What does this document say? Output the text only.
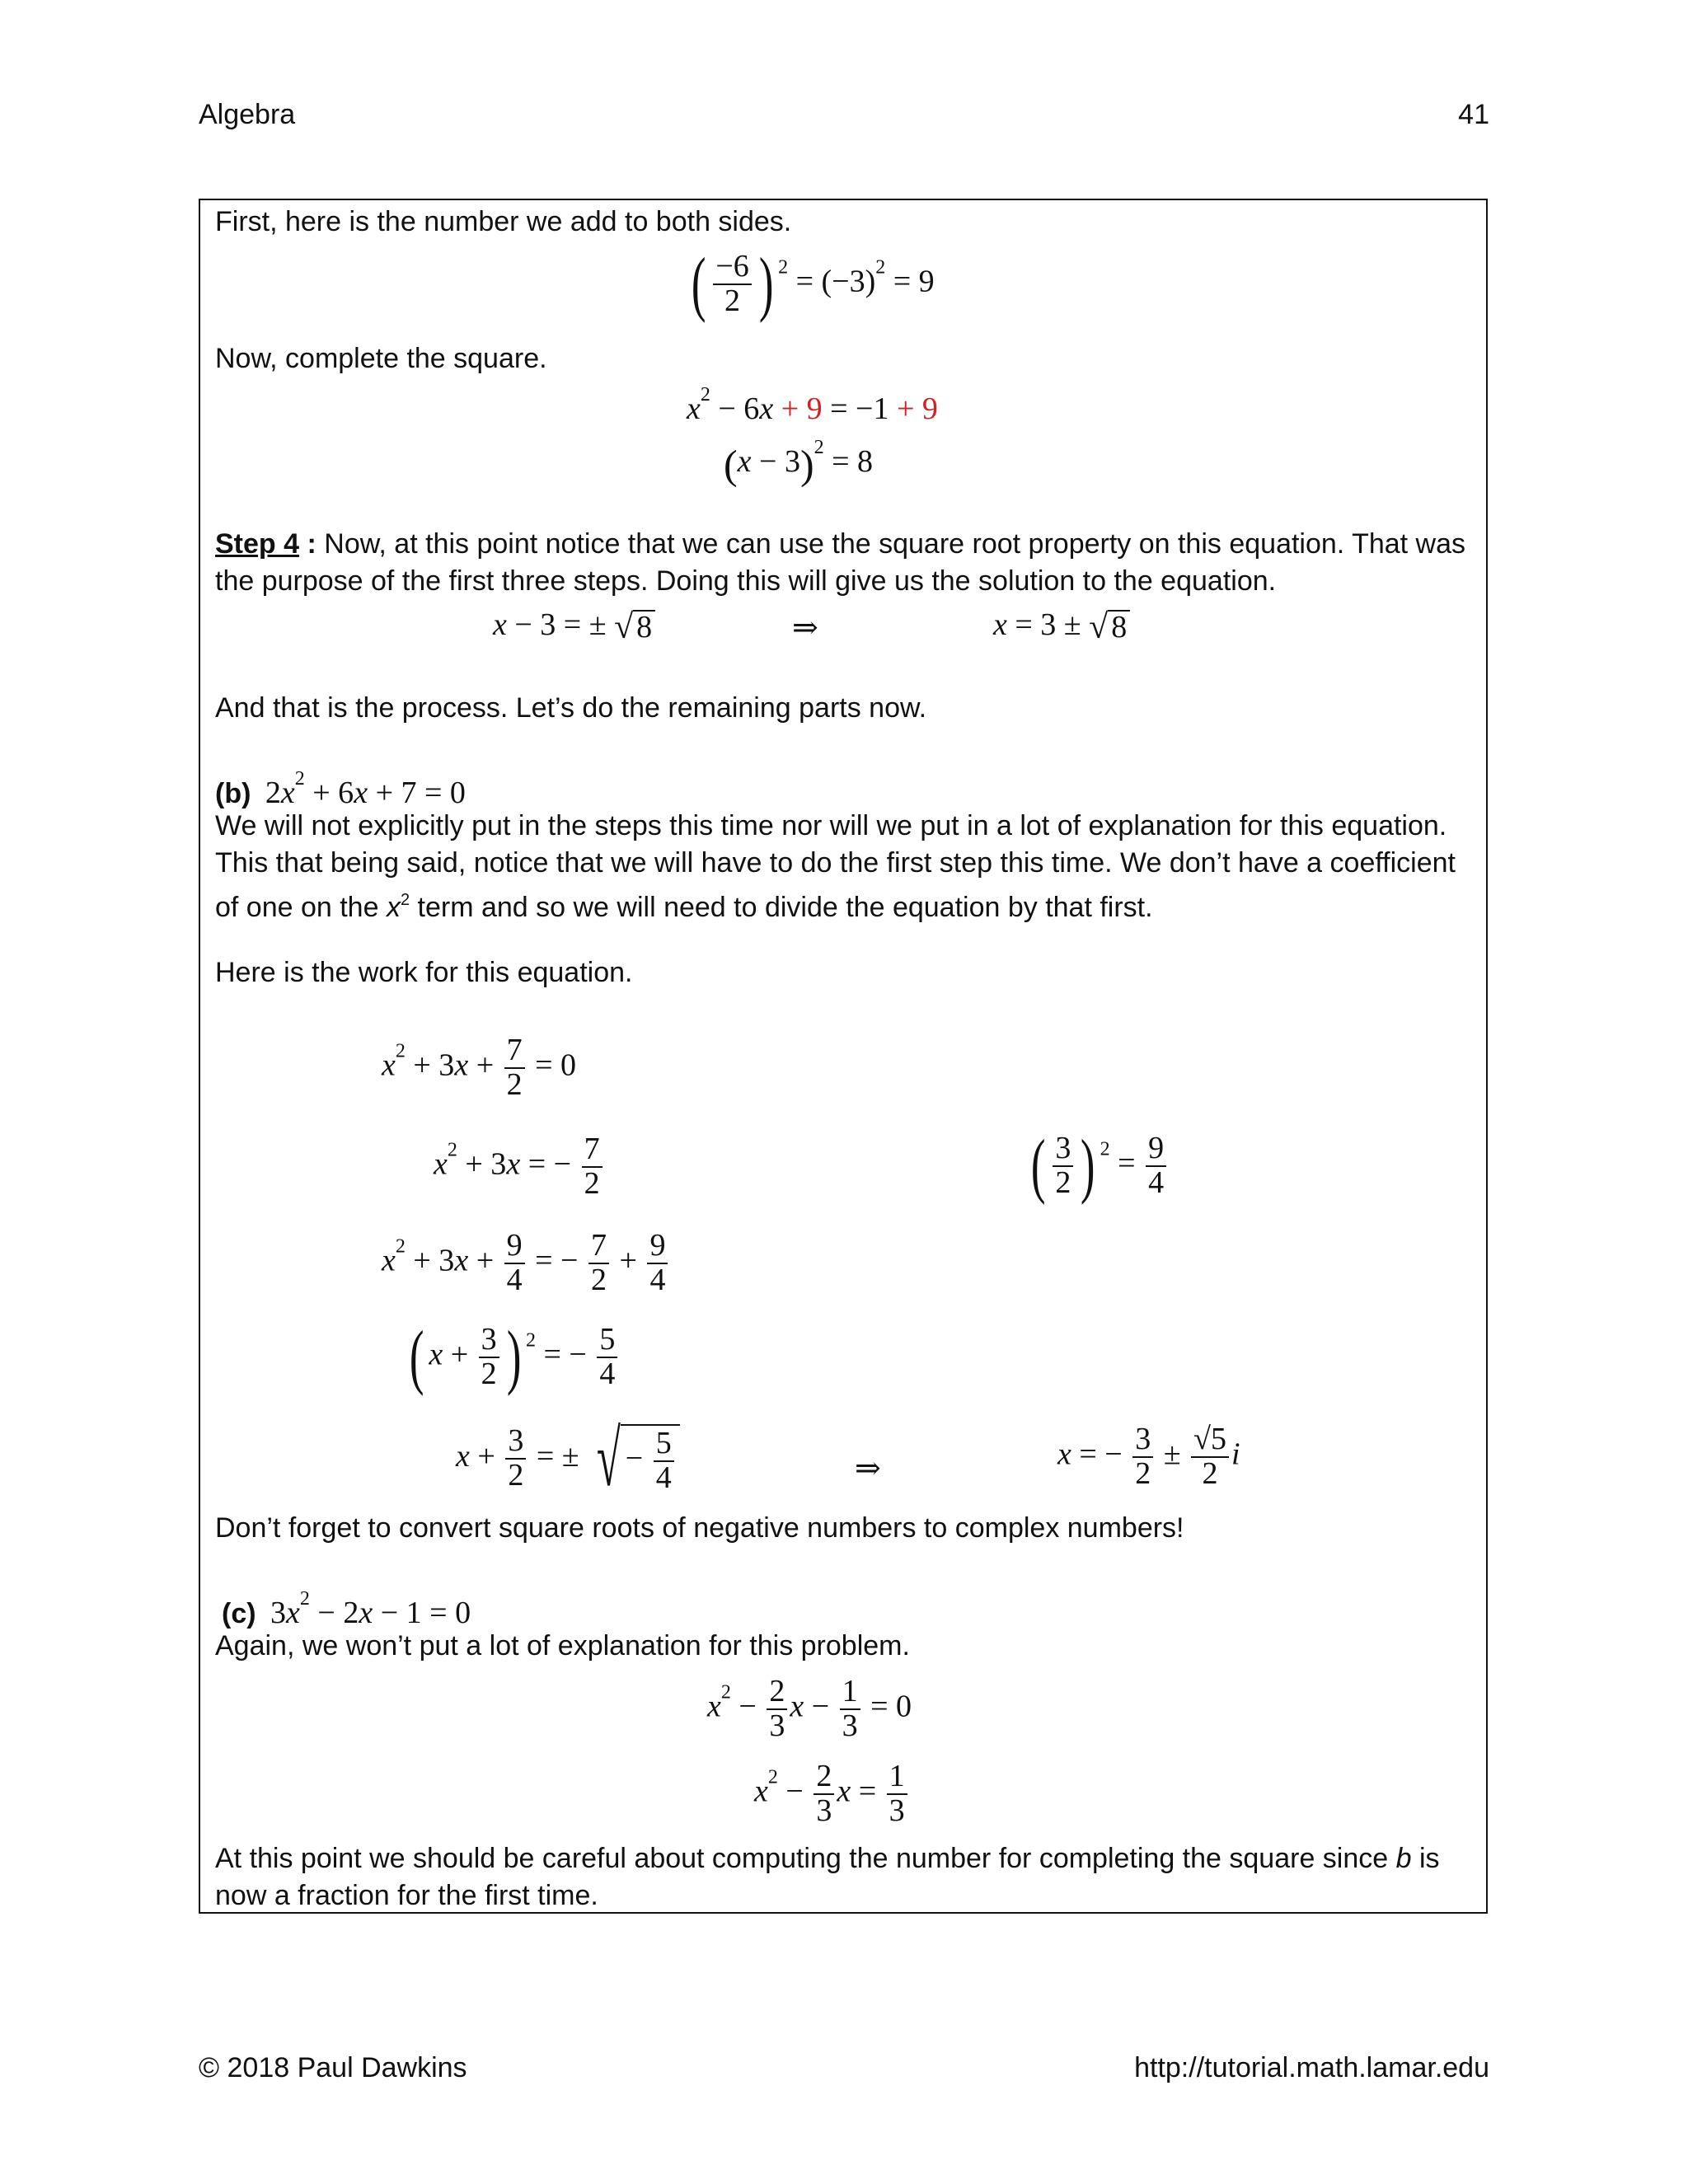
Algebra	41
First, here is the number we add to both sides.
( $\frac{-6}{2}$ ) $^2 = (-3)^2 = 9$
Now, complete the square.
$x^2 - 6x + 9 = -1 + 9$
$(x - 3)^2 = 8$
Step 4 : Now, at this point notice that we can use the square root property on this equation. That was
the purpose of the first three steps. Doing this will give us the solution to the equation.
x − 3 = ± √ 8	⇒	x = 3 ± √ 8
And that is the process. Let’s do the remaining parts now.
(b) $2x^2 + 6x + 7 = 0$
We will not explicitly put in the steps this time nor will we put in a lot of explanation for this equation.
This that being said, notice that we will have to do the first step this time. We don’t have a coefficient
of one on the $x^2$ term and so we will need to divide the equation by that first.
Here is the work for this equation.
$x^2 + 3x + \frac{7}{2} = 0$
$x^2 + 3x$ = − $\frac{7}{2}$
$x^2 + 3x + \frac{9}{4}$ = − $\frac{7}{2} + \frac{9}{4}$
( $x + \frac{3}{2}$ ) $^2$ = − $\frac{5}{4}$
$x + \frac{3}{2}$ = ± √ − $\frac{5}{4}$
( $\frac{3}{2}$ ) $^2 = \frac{9}{4}$
⇒	x = − $\frac{3}{2} \pm \frac{√5}{2}$ i
Don’t forget to convert square roots of negative numbers to complex numbers!
(c) $3x^2 - 2x - 1 = 0$
Again, we won’t put a lot of explanation for this problem.
$x^2 - \frac{2}{3}$ $x - \frac{1}{3} = 0$
$x^2 - \frac{2}{3}$ $x = \frac{1}{3}$
At this point we should be careful about computing the number for completing the square since b is
now a fraction for the first time.
© 2018 Paul Dawkins	http://tutorial.math.lamar.edu
